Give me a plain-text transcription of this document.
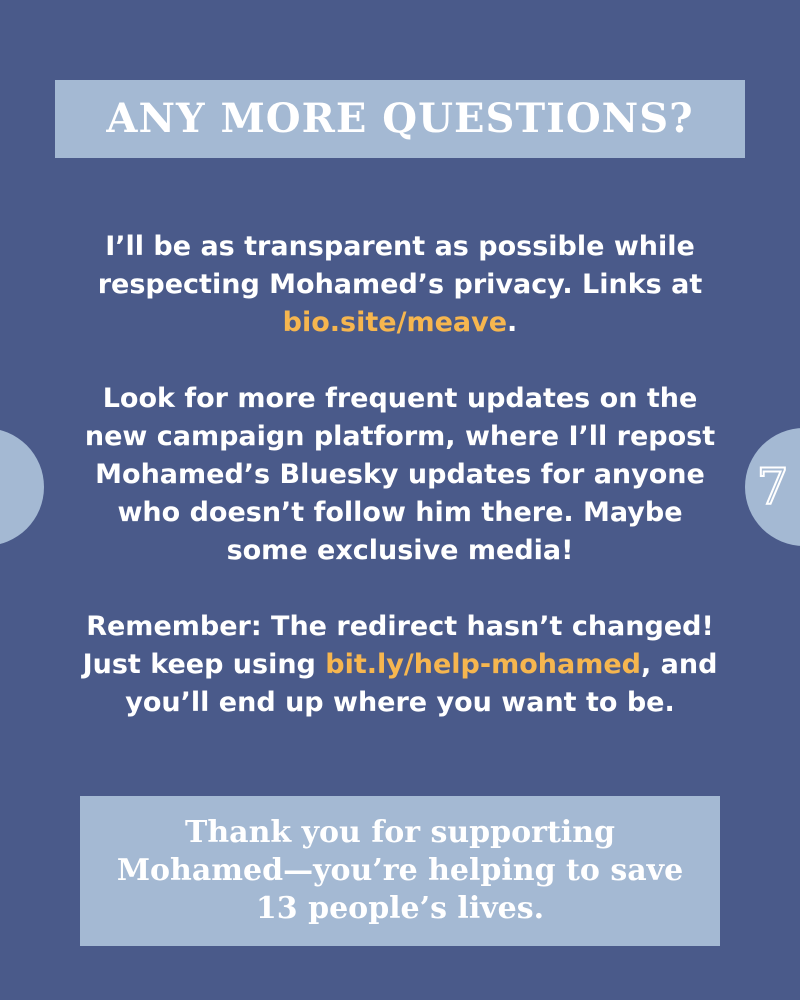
ANY MORE QUESTIONS?
7

I’ll be as transparent as possible while respecting Mohamed’s privacy. Links at bio.site/meave.

Look for more frequent updates on the new campaign platform, where I’ll repost Mohamed’s Bluesky updates for anyone who doesn’t follow him there. Maybe some exclusive media!

Remember: The redirect hasn’t changed! Just keep using bit.ly/help-mohamed, and you’ll end up where you want to be.

Thank you for supporting Mohamed—you’re helping to save 13 people’s lives.
